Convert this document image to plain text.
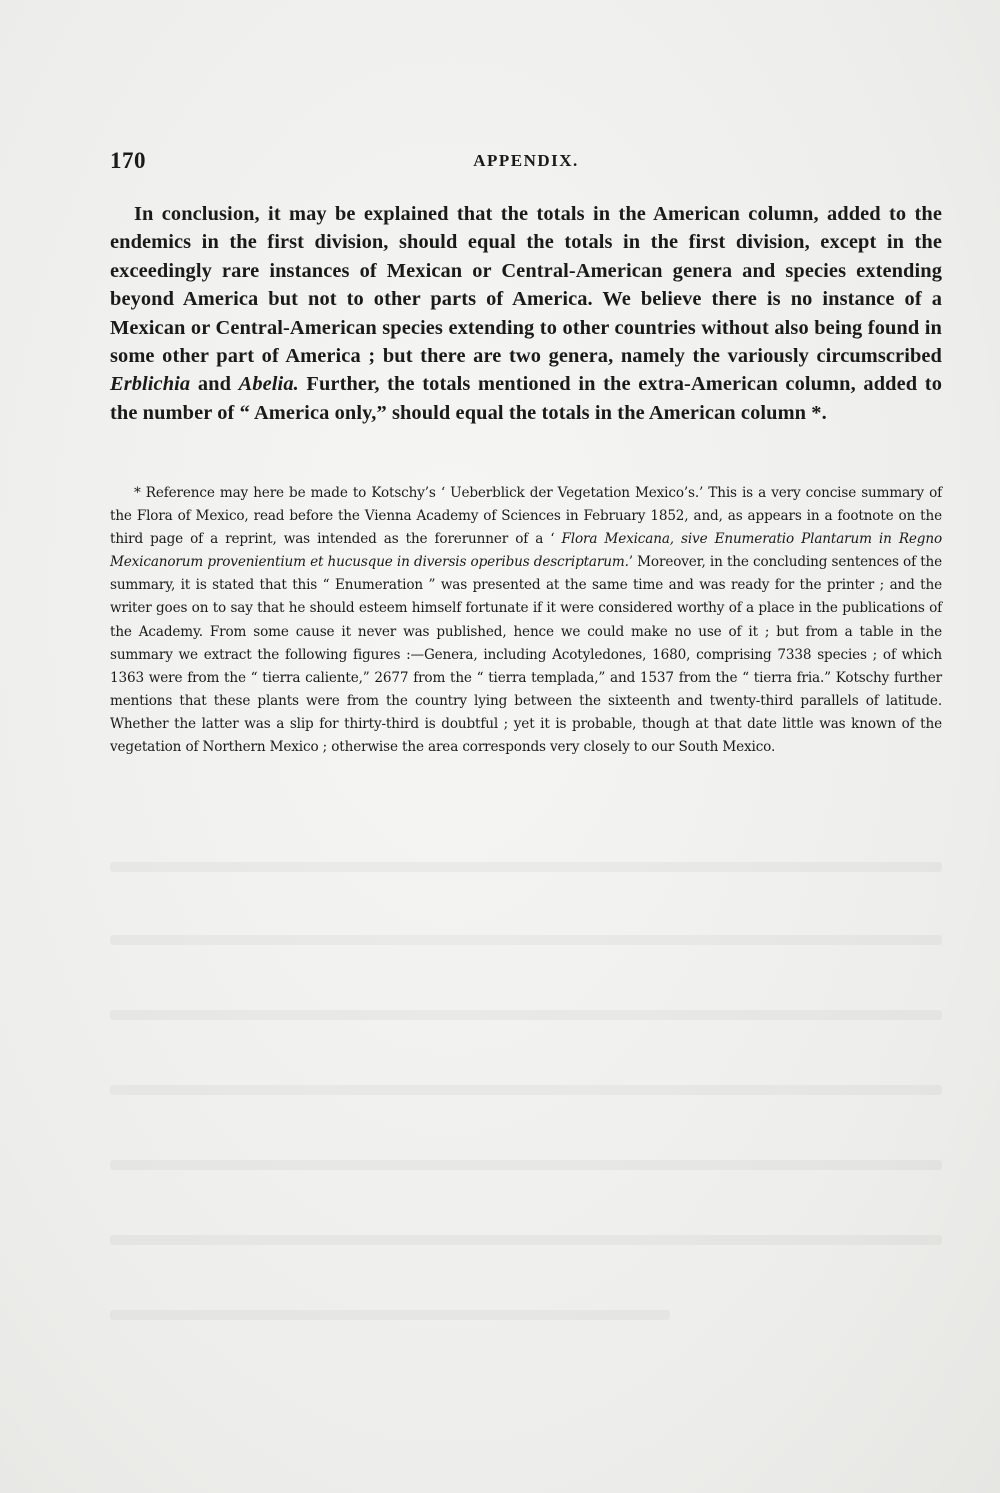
170	APPENDIX.

In conclusion, it may be explained that the totals in the American column, added to the endemics in the first division, should equal the totals in the first division, except in the exceedingly rare instances of Mexican or Central-American genera and species extending beyond America but not to other parts of America. We believe there is no instance of a Mexican or Central-American species extending to other countries without also being found in some other part of America ; but there are two genera, namely the variously circumscribed Erblichia and Abelia. Further, the totals mentioned in the extra-American column, added to the number of “ America only,” should equal the totals in the American column *.

* Reference may here be made to Kotschy’s ‘ Ueberblick der Vegetation Mexico’s.’ This is a very concise summary of the Flora of Mexico, read before the Vienna Academy of Sciences in February 1852, and, as appears in a footnote on the third page of a reprint, was intended as the forerunner of a ‘ Flora Mexicana, sive Enumeratio Plantarum in Regno Mexicanorum provenientium et hucusque in diversis operibus descriptarum.’ Moreover, in the concluding sentences of the summary, it is stated that this “ Enumeration ” was presented at the same time and was ready for the printer ; and the writer goes on to say that he should esteem himself fortunate if it were considered worthy of a place in the publications of the Academy. From some cause it never was published, hence we could make no use of it ; but from a table in the summary we extract the following figures :—Genera, including Acotyledones, 1680, comprising 7338 species ; of which 1363 were from the “ tierra caliente,” 2677 from the “ tierra templada,” and 1537 from the “ tierra fria.” Kotschy further mentions that these plants were from the country lying between the sixteenth and twenty-third parallels of latitude. Whether the latter was a slip for thirty-third is doubtful ; yet it is probable, though at that date little was known of the vegetation of Northern Mexico ; otherwise the area corresponds very closely to our South Mexico.
